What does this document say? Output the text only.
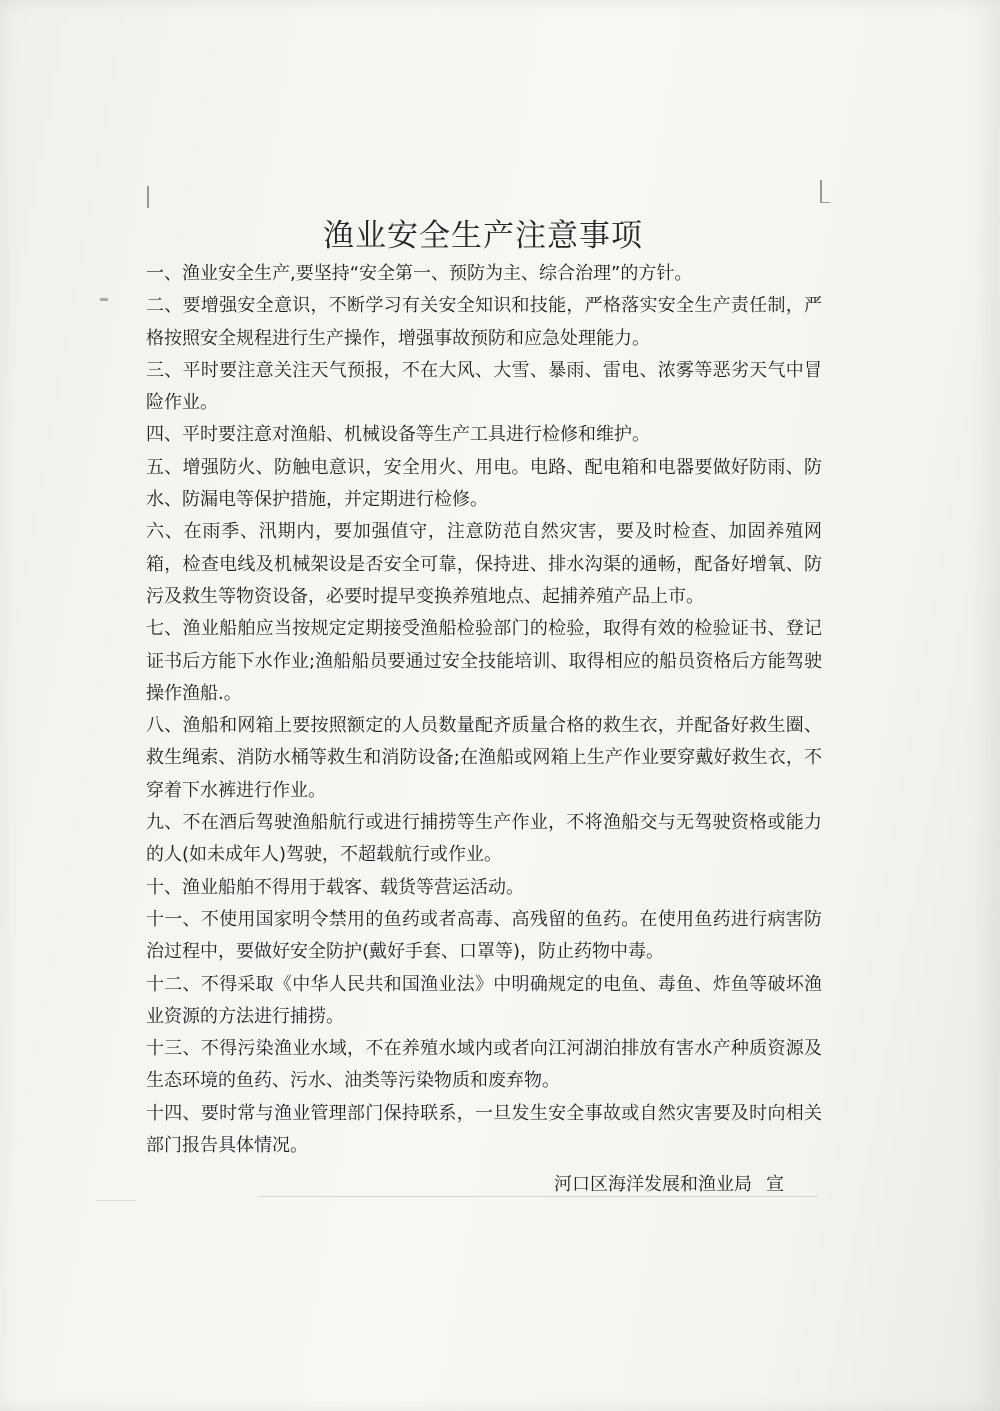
渔业安全生产注意事项

一、渔业安全生产,要坚持“安全第一、预防为主、综合治理”的方针。

二、要增强安全意识，不断学习有关安全知识和技能，严格落实安全生产责任制，严格按照安全规程进行生产操作，增强事故预防和应急处理能力。

三、平时要注意关注天气预报，不在大风、大雪、暴雨、雷电、浓雾等恶劣天气中冒险作业。

四、平时要注意对渔船、机械设备等生产工具进行检修和维护。

五、增强防火、防触电意识，安全用火、用电。电路、配电箱和电器要做好防雨、防水、防漏电等保护措施，并定期进行检修。

六、在雨季、汛期内，要加强值守，注意防范自然灾害，要及时检查、加固养殖网箱，检查电线及机械架设是否安全可靠，保持进、排水沟渠的通畅，配备好增氧、防污及救生等物资设备，必要时提早变换养殖地点、起捕养殖产品上市。

七、渔业船舶应当按规定定期接受渔船检验部门的检验，取得有效的检验证书、登记证书后方能下水作业;渔船船员要通过安全技能培训、取得相应的船员资格后方能驾驶操作渔船.。

八、渔船和网箱上要按照额定的人员数量配齐质量合格的救生衣，并配备好救生圈、救生绳索、消防水桶等救生和消防设备;在渔船或网箱上生产作业要穿戴好救生衣，不穿着下水裤进行作业。

九、不在酒后驾驶渔船航行或进行捕捞等生产作业，不将渔船交与无驾驶资格或能力的人(如未成年人)驾驶，不超载航行或作业。

十、渔业船舶不得用于载客、载货等营运活动。

十一、不使用国家明令禁用的鱼药或者高毒、高残留的鱼药。在使用鱼药进行病害防治过程中，要做好安全防护(戴好手套、口罩等)，防止药物中毒。

十二、不得采取《中华人民共和国渔业法》中明确规定的电鱼、毒鱼、炸鱼等破坏渔业资源的方法进行捕捞。

十三、不得污染渔业水域，不在养殖水域内或者向江河湖泊排放有害水产种质资源及生态环境的鱼药、污水、油类等污染物质和废弃物。

十四、要时常与渔业管理部门保持联系，一旦发生安全事故或自然灾害要及时向相关部门报告具体情况。

河口区海洋发展和渔业局 宣
